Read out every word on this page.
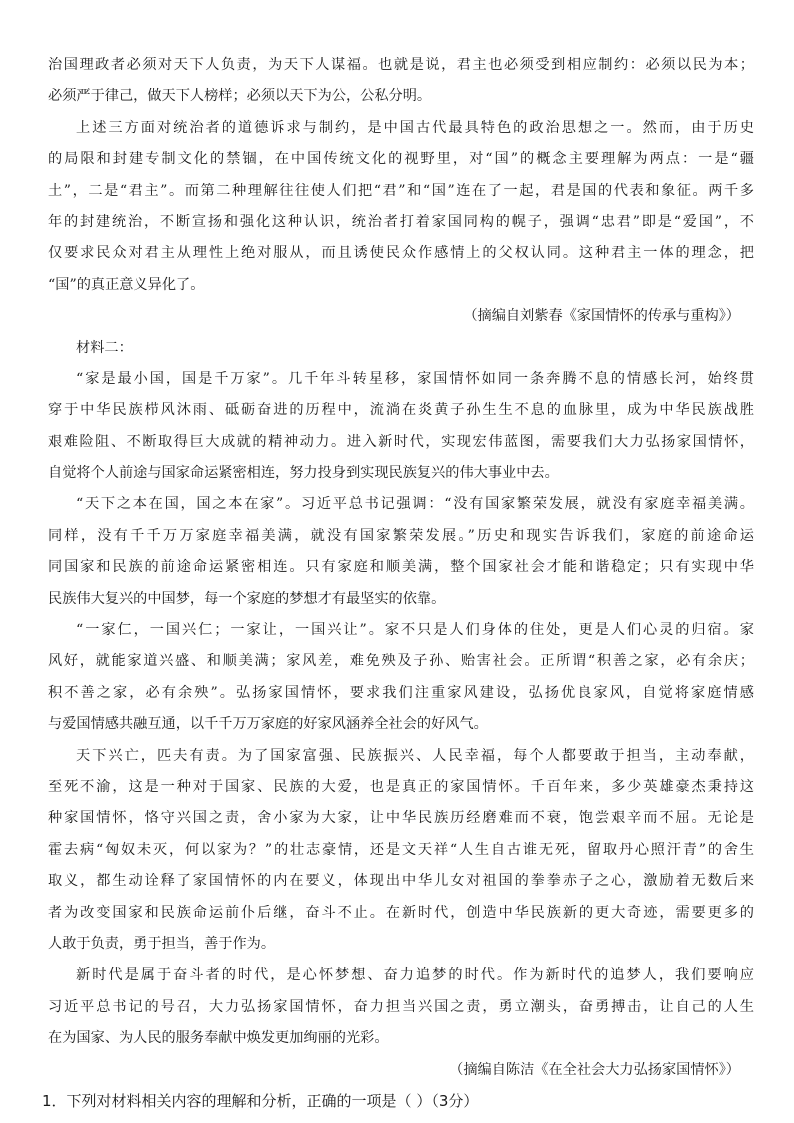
治国理政者必须对天下人负责，为天下人谋福。也就是说，君主也必须受到相应制约：必须以民为本；
必须严于律己，做天下人榜样；必须以天下为公，公私分明。
上述三方面对统治者的道德诉求与制约，是中国古代最具特色的政治思想之一。然而，由于历史
的局限和封建专制文化的禁锢，在中国传统文化的视野里，对“国”的概念主要理解为两点：一是“疆
土”，二是“君主”。而第二种理解往往使人们把“君”和“国”连在了一起，君是国的代表和象征。两千多
年的封建统治，不断宣扬和强化这种认识，统治者打着家国同构的幌子，强调“忠君”即是“爱国”，不
仅要求民众对君主从理性上绝对服从，而且诱使民众作感情上的父权认同。这种君主一体的理念，把
“国”的真正意义异化了。
（摘编自刘紫春《家国情怀的传承与重构》）
材料二：
“家是最小国，国是千万家”。几千年斗转星移，家国情怀如同一条奔腾不息的情感长河，始终贯
穿于中华民族栉风沐雨、砥砺奋进的历程中，流淌在炎黄子孙生生不息的血脉里，成为中华民族战胜
艰难险阻、不断取得巨大成就的精神动力。进入新时代，实现宏伟蓝图，需要我们大力弘扬家国情怀，
自觉将个人前途与国家命运紧密相连，努力投身到实现民族复兴的伟大事业中去。
“天下之本在国，国之本在家”。习近平总书记强调：“没有国家繁荣发展，就没有家庭幸福美满。
同样，没有千千万万家庭幸福美满，就没有国家繁荣发展。”历史和现实告诉我们，家庭的前途命运
同国家和民族的前途命运紧密相连。只有家庭和顺美满，整个国家社会才能和谐稳定；只有实现中华
民族伟大复兴的中国梦，每一个家庭的梦想才有最坚实的依靠。
“一家仁，一国兴仁；一家让，一国兴让”。家不只是人们身体的住处，更是人们心灵的归宿。家
风好，就能家道兴盛、和顺美满；家风差，难免殃及子孙、贻害社会。正所谓“积善之家，必有余庆；
积不善之家，必有余殃”。弘扬家国情怀，要求我们注重家风建设，弘扬优良家风，自觉将家庭情感
与爱国情感共融互通，以千千万万家庭的好家风涵养全社会的好风气。
天下兴亡，匹夫有责。为了国家富强、民族振兴、人民幸福，每个人都要敢于担当，主动奉献，
至死不渝，这是一种对于国家、民族的大爱，也是真正的家国情怀。千百年来，多少英雄豪杰秉持这
种家国情怀，恪守兴国之责，舍小家为大家，让中华民族历经磨难而不衰，饱尝艰辛而不屈。无论是
霍去病“匈奴未灭，何以家为？”的壮志豪情，还是文天祥“人生自古谁无死，留取丹心照汗青”的舍生
取义，都生动诠释了家国情怀的内在要义，体现出中华儿女对祖国的拳拳赤子之心，激励着无数后来
者为改变国家和民族命运前仆后继，奋斗不止。在新时代，创造中华民族新的更大奇迹，需要更多的
人敢于负责，勇于担当，善于作为。
新时代是属于奋斗者的时代，是心怀梦想、奋力追梦的时代。作为新时代的追梦人，我们要响应
习近平总书记的号召，大力弘扬家国情怀，奋力担当兴国之责，勇立潮头，奋勇搏击，让自己的人生
在为国家、为人民的服务奉献中焕发更加绚丽的光彩。
（摘编自陈洁《在全社会大力弘扬家国情怀》）
1．下列对材料相关内容的理解和分析，正确的一项是（ ）（3分）
